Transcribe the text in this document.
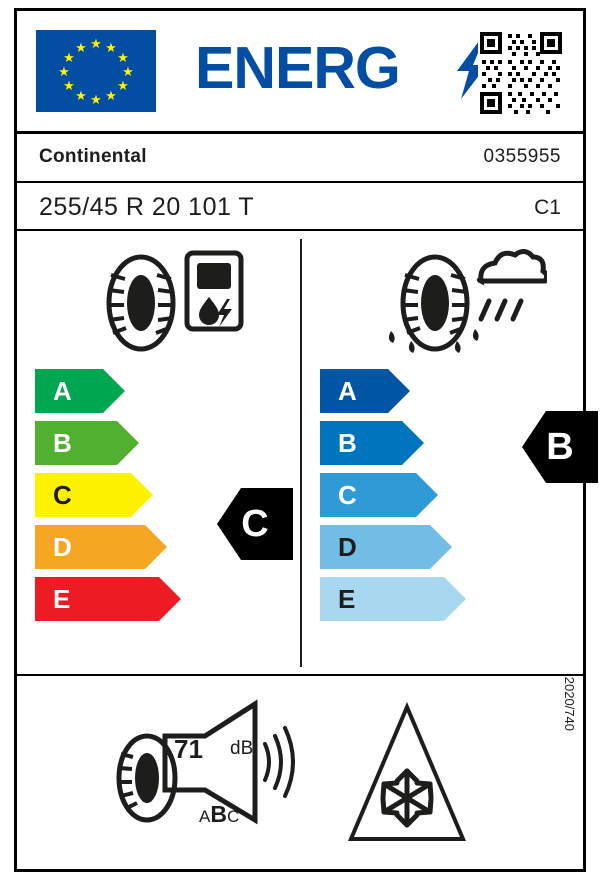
★
★
★
★
★
★ ★ ★
★
★
★
★ ENERG
Continental	0355955
255/45 R 20 101 T	C1
A
B
C
D
E
A
B
C
D
E
C
B
71 dB
ABC
2020/740
